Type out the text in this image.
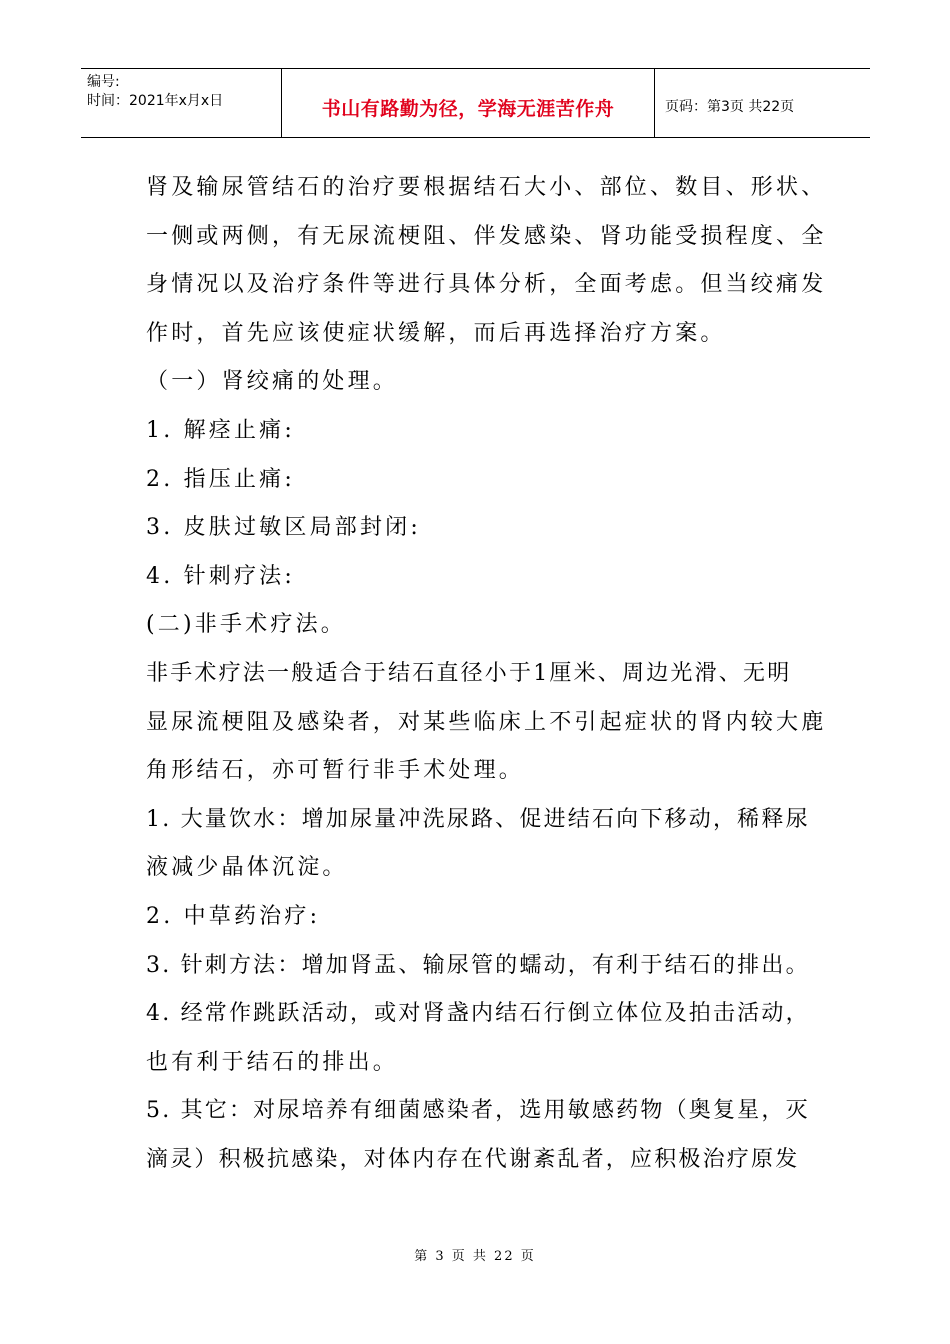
编号:
时间：2021年x月x日	书山有路勤为径，学海无涯苦作舟	页码：第3页 共22页
肾及输尿管结石的治疗要根据结石大小、部位、数目、形状、
一侧或两侧，有无尿流梗阻、伴发感染、肾功能受损程度、全
身情况以及治疗条件等进行具体分析，全面考虑。但当绞痛发
作时，首先应该使症状缓解，而后再选择治疗方案。
（一）肾绞痛的处理。
1. 解痉止痛:
2. 指压止痛:
3. 皮肤过敏区局部封闭:
4. 针刺疗法:
(二)非手术疗法。
非手术疗法一般适合于结石直径小于1厘米、周边光滑、无明
显尿流梗阻及感染者，对某些临床上不引起症状的肾内较大鹿
角形结石，亦可暂行非手术处理。
1. 大量饮水：增加尿量冲洗尿路、促进结石向下移动，稀释尿
液减少晶体沉淀。
2. 中草药治疗:
3. 针刺方法：增加肾盂、输尿管的蠕动，有利于结石的排出。
4. 经常作跳跃活动，或对肾盏内结石行倒立体位及拍击活动，
也有利于结石的排出。
5. 其它：对尿培养有细菌感染者，选用敏感药物（奥复星，灭
滴灵）积极抗感染，对体内存在代谢紊乱者，应积极治疗原发
第 3 页 共 22 页
